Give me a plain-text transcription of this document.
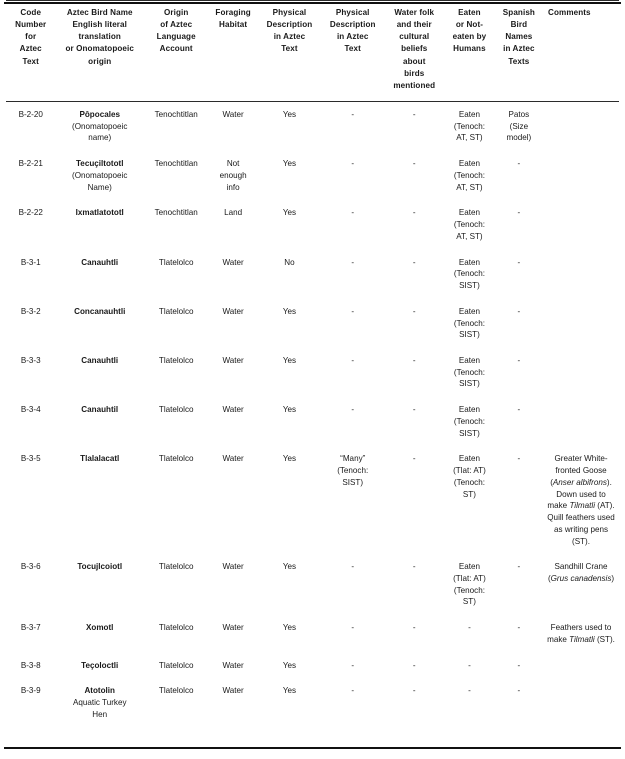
Code
Number
for
Aztec
Text	Aztec Bird Name
English literal
translation
or Onomatopoeic
origin	Origin
of Aztec
Language
Account	Foraging
Habitat	Physical
Description
in Aztec
Text	Physical
Description
in Aztec
Text	Water folk
and their
cultural
beliefs
about
birds
mentioned	Eaten
or Not-
eaten by
Humans	Spanish
Bird
Names
in Aztec
Texts	Comments
B-2-20	Pôpocales
(Onomatopoeic
name)	Tenochtitlan	Water	Yes	-	-	Eaten
(Tenoch:
AT, ST)	Patos
(Size
model)	
B-2-21	Tecuçiltototl
(Onomatopoeic
Name)	Tenochtitlan	Not
enough
info	Yes	-	-	Eaten
(Tenoch:
AT, ST)	-	
B-2-22	Ixmatlatototl	Tenochtitlan	Land	Yes	-	-	Eaten
(Tenoch:
AT, ST)	-	
B-3-1	Canauhtli	Tlatelolco	Water	No	-	-	Eaten
(Tenoch:
SIST)	-	
B-3-2	Concanauhtli	Tlatelolco	Water	Yes	-	-	Eaten
(Tenoch:
SIST)	-	
B-3-3	Canauhtli	Tlatelolco	Water	Yes	-	-	Eaten
(Tenoch:
SIST)	-	
B-3-4	Canauhtil	Tlatelolco	Water	Yes	-	-	Eaten
(Tenoch:
SIST)	-	
B-3-5	Tlalalacatl	Tlatelolco	Water	Yes	“Many”
(Tenoch:
SIST)	-	Eaten
(Tlat: AT)
(Tenoch:
ST)	-	Greater White-fronted Goose (Anser albifrons). Down used to make Tilmatli (AT). Quill feathers used as writing pens (ST).
B-3-6	Tocujlcoiotl	Tlatelolco	Water	Yes	-	-	Eaten
(Tlat: AT)
(Tenoch:
ST)	-	Sandhill Crane (Grus canadensis)
B-3-7	Xomotl	Tlatelolco	Water	Yes	-	-	-	-	Feathers used to make Tilmatli (ST).
B-3-8	Teçoloctli	Tlatelolco	Water	Yes	-	-	-	-	
B-3-9	Atotolin
Aquatic Turkey
Hen	Tlatelolco	Water	Yes	-	-	-	-	
